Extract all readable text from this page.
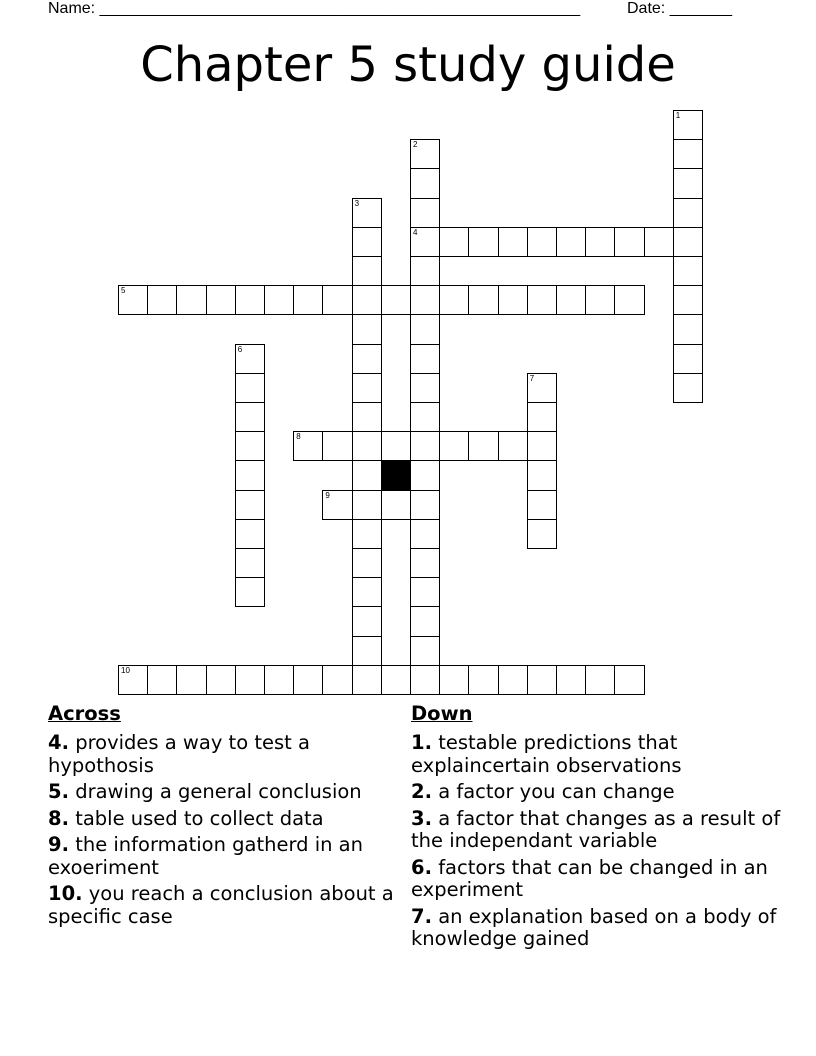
Name: ______________________________________________________	Date: _______
Chapter 5 study guide
1
2
4
3
5
6
7
8
9
10
Across
4. provides a way to test a hypothosis
5. drawing a general conclusion
8. table used to collect data
9. the information gatherd in an exoeriment
10. you reach a conclusion about a specific case
Down
1. testable predictions that explaincertain observations
2. a factor you can change
3. a factor that changes as a result of the independant variable
6. factors that can be changed in an experiment
7. an explanation based on a body of knowledge gained
